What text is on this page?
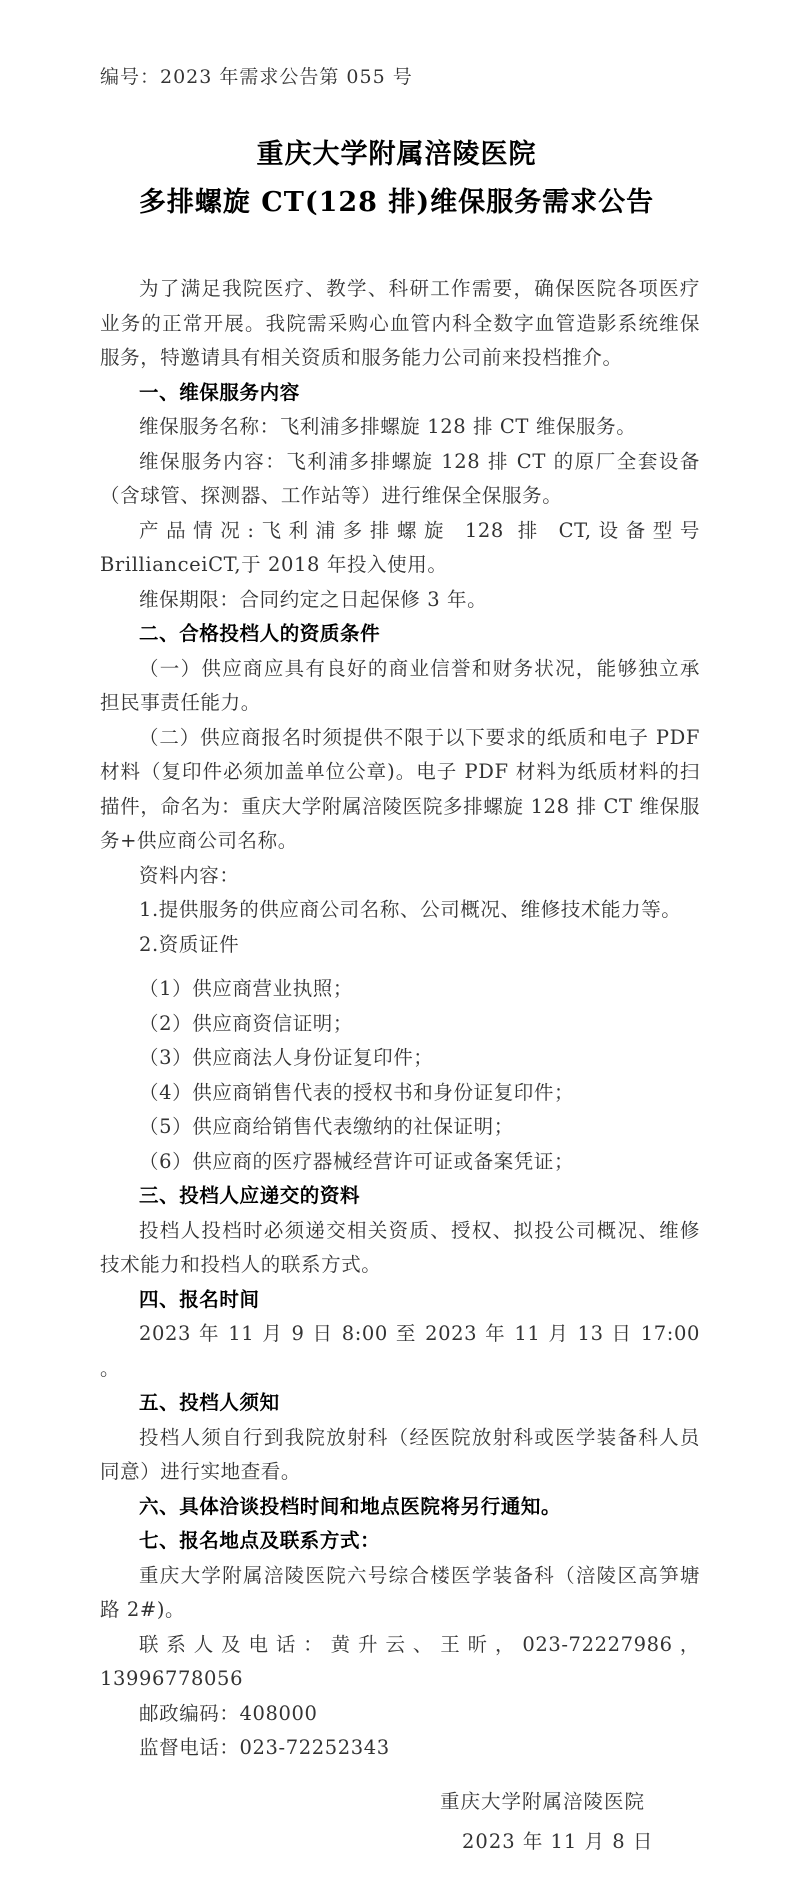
编号：2023 年需求公告第 055 号
重庆大学附属涪陵医院
多排螺旋 CT(128 排)维保服务需求公告

为了满足我院医疗、教学、科研工作需要，确保医院各项医疗业务的正常开展。我院需采购心血管内科全数字血管造影系统维保服务，特邀请具有相关资质和服务能力公司前来投档推介。

一、维保服务内容

维保服务名称：飞利浦多排螺旋 128 排 CT 维保服务。

维保服务内容：飞利浦多排螺旋 128 排 CT 的原厂全套设备（含球管、探测器、工作站等）进行维保全保服务。

产品情况:飞利浦多排螺旋 128 排 CT,设备型号 BrillianceiCT,于 2018 年投入使用。

维保期限：合同约定之日起保修 3 年。

二、合格投档人的资质条件

（一）供应商应具有良好的商业信誉和财务状况，能够独立承担民事责任能力。

（二）供应商报名时须提供不限于以下要求的纸质和电子 PDF 材料（复印件必须加盖单位公章)。电子 PDF 材料为纸质材料的扫描件，命名为：重庆大学附属涪陵医院多排螺旋 128 排 CT 维保服务+供应商公司名称。

资料内容：

1.提供服务的供应商公司名称、公司概况、维修技术能力等。

2.资质证件

（1）供应商营业执照；

（2）供应商资信证明；

（3）供应商法人身份证复印件；

（4）供应商销售代表的授权书和身份证复印件；

（5）供应商给销售代表缴纳的社保证明；

（6）供应商的医疗器械经营许可证或备案凭证；

三、投档人应递交的资料

投档人投档时必须递交相关资质、授权、拟投公司概况、维修技术能力和投档人的联系方式。

四、报名时间

2023 年 11 月 9 日 8:00 至 2023 年 11 月 13 日 17:00 。

五、投档人须知

投档人须自行到我院放射科（经医院放射科或医学装备科人员同意）进行实地查看。

六、具体洽谈投档时间和地点医院将另行通知。

七、报名地点及联系方式：

重庆大学附属涪陵医院六号综合楼医学装备科（涪陵区高笋塘路 2#)。

联系人及电话：黄升云、王昕，023-72227986，13996778056

邮政编码：408000

监督电话：023-72252343

重庆大学附属涪陵医院
2023 年 11 月 8 日
